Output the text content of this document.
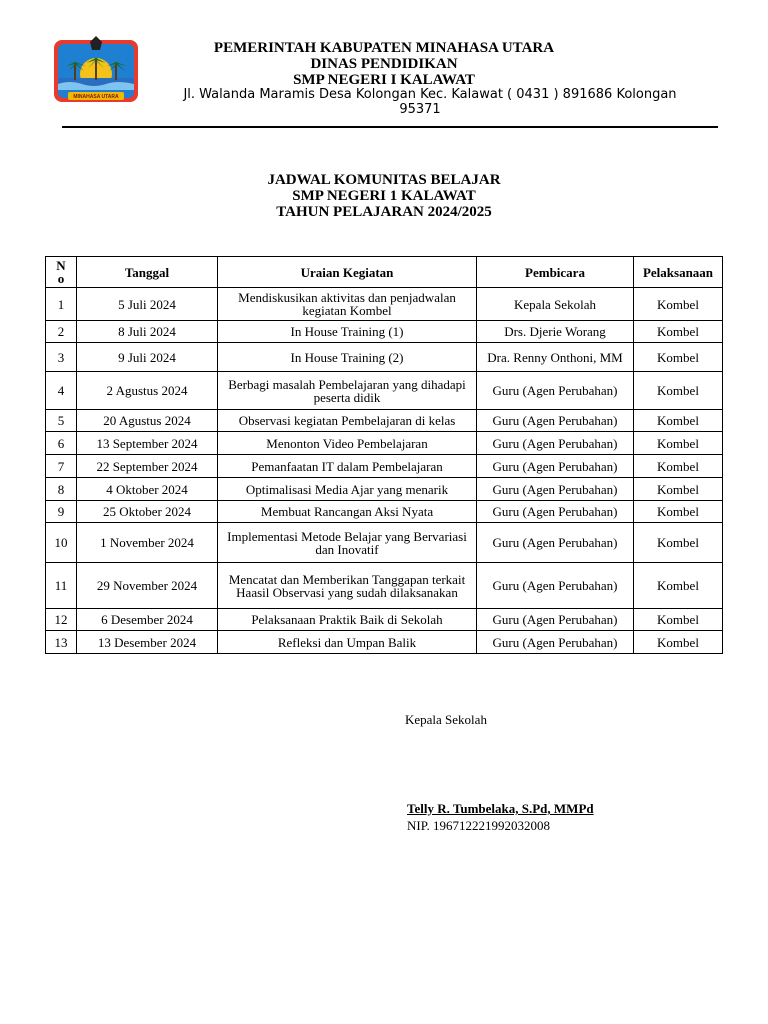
MINAHASA UTARA
PEMERINTAH KABUPATEN MINAHASA UTARA
DINAS PENDIDIKAN
SMP NEGERI I KALAWAT
Jl. Walanda Maramis Desa Kolongan Kec. Kalawat ( 0431 ) 891686 Kolongan
95371
JADWAL KOMUNITAS BELAJAR
SMP NEGERI 1 KALAWAT
TAHUN PELAJARAN 2024/2025
N
o	Tanggal	Uraian Kegiatan	Pembicara	Pelaksanaan
1	5 Juli 2024	Mendiskusikan aktivitas dan penjadwalan kegiatan Kombel	Kepala Sekolah	Kombel
2	8 Juli 2024	In House Training (1)	Drs. Djerie Worang	Kombel
3	9 Juli 2024	In House Training (2)	Dra. Renny Onthoni, MM	Kombel
4	2 Agustus 2024	Berbagi masalah Pembelajaran yang dihadapi peserta didik	Guru (Agen Perubahan)	Kombel
5	20 Agustus 2024	Observasi kegiatan Pembelajaran di kelas	Guru (Agen Perubahan)	Kombel
6	13 September 2024	Menonton Video Pembelajaran	Guru (Agen Perubahan)	Kombel
7	22 September 2024	Pemanfaatan IT dalam Pembelajaran	Guru (Agen Perubahan)	Kombel
8	4 Oktober 2024	Optimalisasi Media Ajar yang menarik	Guru (Agen Perubahan)	Kombel
9	25 Oktober 2024	Membuat Rancangan Aksi Nyata	Guru (Agen Perubahan)	Kombel
10	1 November 2024	Implementasi Metode Belajar yang Bervariasi dan Inovatif	Guru (Agen Perubahan)	Kombel
11	29 November 2024	Mencatat dan Memberikan Tanggapan terkait Haasil Observasi yang sudah dilaksanakan	Guru (Agen Perubahan)	Kombel
12	6 Desember 2024	Pelaksanaan Praktik Baik di Sekolah	Guru (Agen Perubahan)	Kombel
13	13 Desember 2024	Refleksi dan Umpan Balik	Guru (Agen Perubahan)	Kombel
Kepala Sekolah
Telly R. Tumbelaka, S.Pd, MMPd
NIP. 196712221992032008
